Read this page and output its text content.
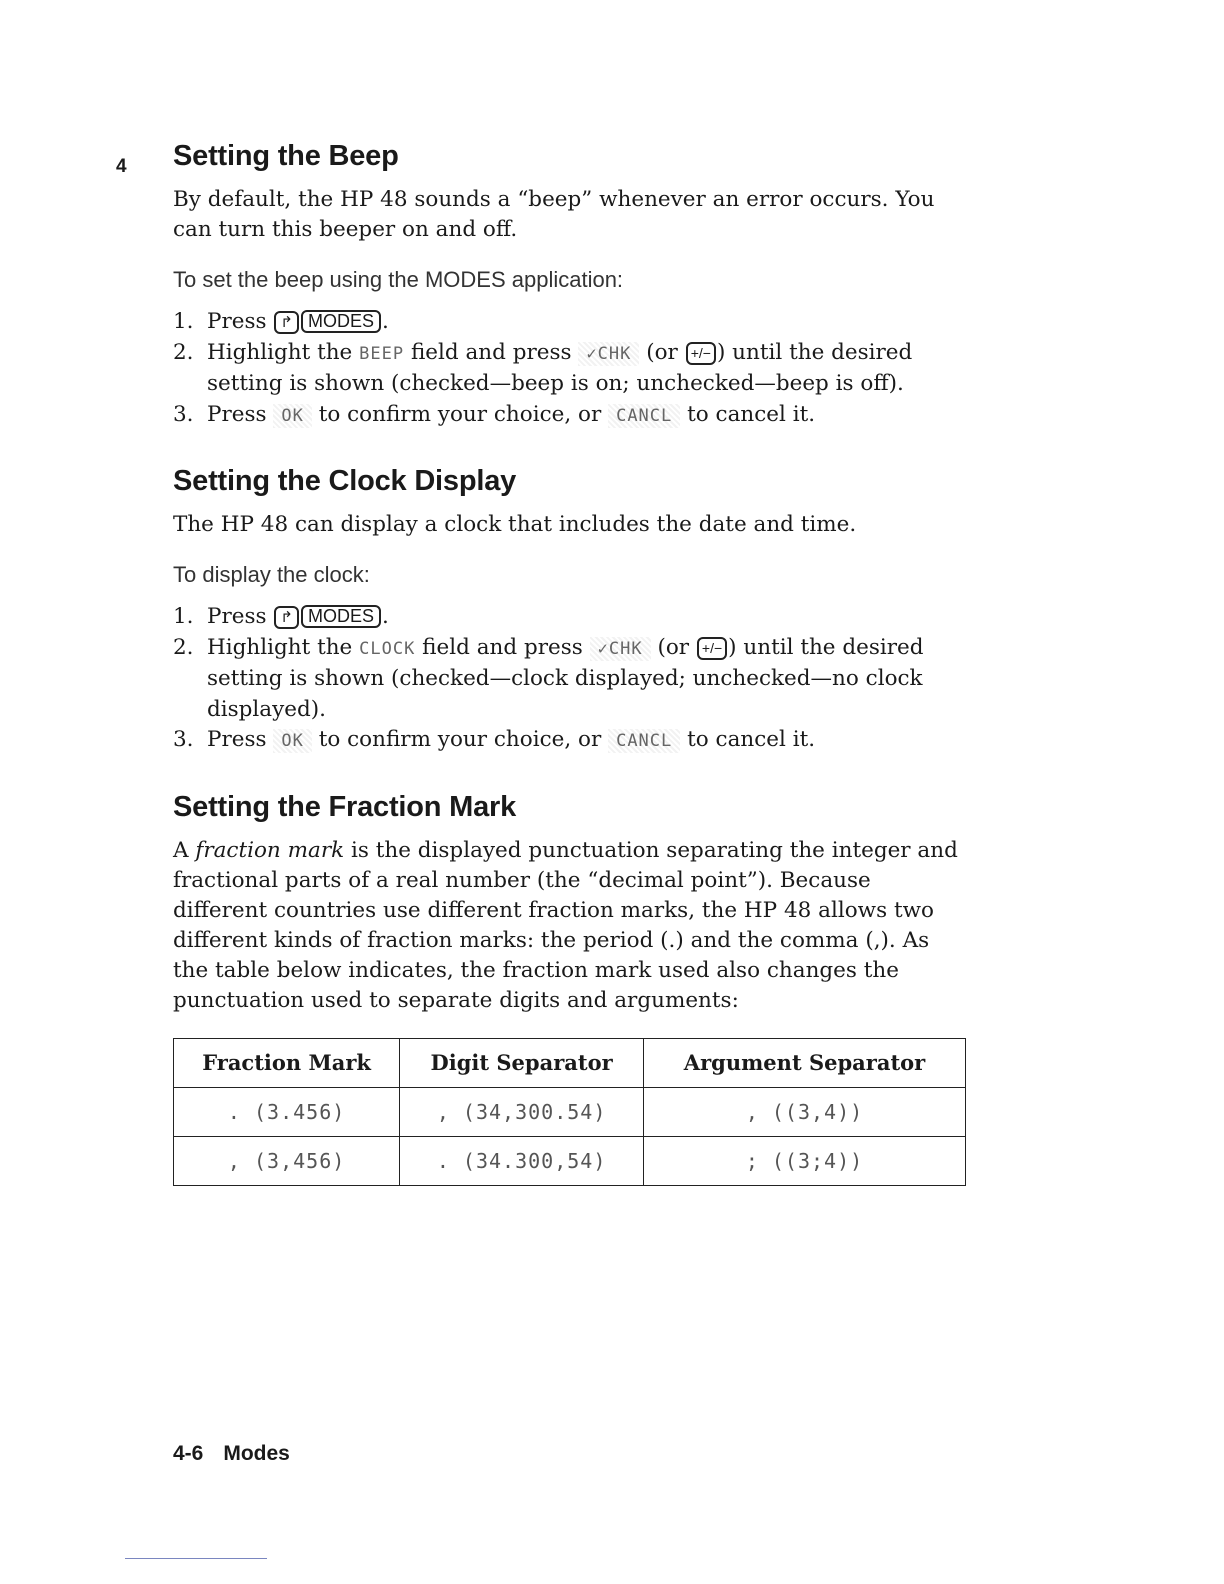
4 Setting the Beep

By default, the HP 48 sounds a “beep” whenever an error occurs. You can turn this beeper on and off.

To set the beep using the MODES application:
1. Press ↱ MODES .
2. Highlight the BEEP field and press ✓CHK (or +/− ) until the desired setting is shown (checked—beep is on; unchecked—beep is off).
3. Press OK to confirm your choice, or CANCL to cancel it.
Setting the Clock Display

The HP 48 can display a clock that includes the date and time.

To display the clock:
1. Press ↱ MODES .
2. Highlight the CLOCK field and press ✓CHK (or +/− ) until the desired setting is shown (checked—clock displayed; unchecked—no clock displayed).
3. Press OK to confirm your choice, or CANCL to cancel it.
Setting the Fraction Mark

A fraction mark is the displayed punctuation separating the integer and fractional parts of a real number (the “decimal point”). Because different countries use different fraction marks, the HP 48 allows two different kinds of fraction marks: the period (.) and the comma (,). As the table below indicates, the fraction mark used also changes the punctuation used to separate digits and arguments:

Fraction Mark	Digit Separator	Argument Separator
. (3.456)	, (34,300.54)	, ((3,4))
, (3,456)	. (34.300,54)	; ((3;4))
4-6 Modes
